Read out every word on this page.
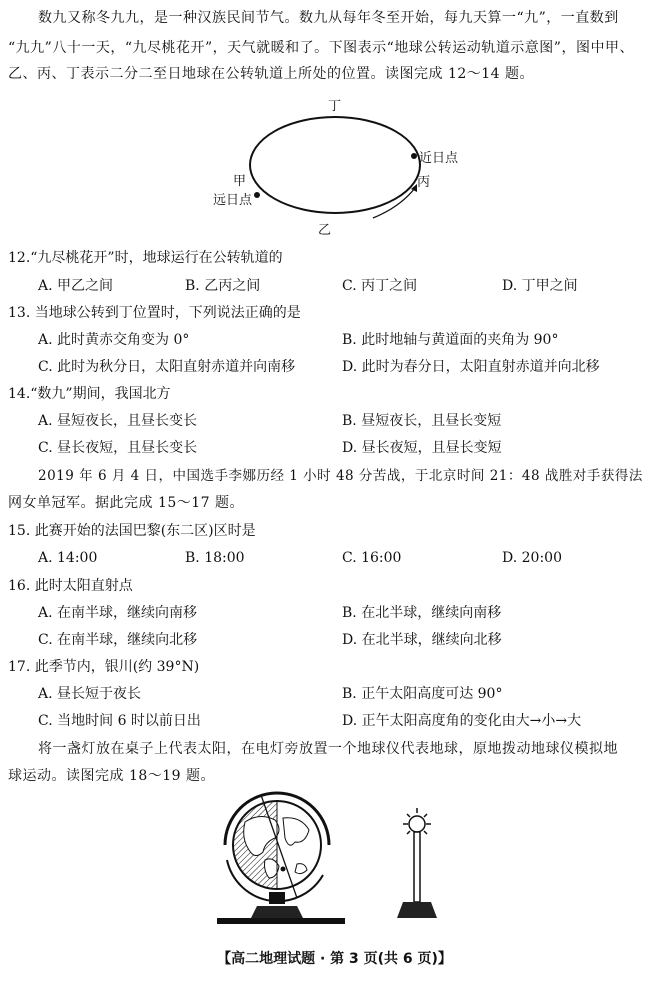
数九又称冬九九，是一种汉族民间节气。数九从每年冬至开始，每九天算一“九”，一直数到
“九九”八十一天，“九尽桃花开”，天气就暖和了。下图表示“地球公转运动轨道示意图”，图中甲、
乙、丙、丁表示二分二至日地球在公转轨道上所处的位置。读图完成 12～14 题。
丁
近日点
丙
甲
远日点
乙
12.“九尽桃花开”时，地球运行在公转轨道的
A. 甲乙之间	B. 乙丙之间	C. 丙丁之间	D. 丁甲之间
13. 当地球公转到丁位置时，下列说法正确的是
A. 此时黄赤交角变为 0°	B. 此时地轴与黄道面的夹角为 90°
C. 此时为秋分日，太阳直射赤道并向南移	D. 此时为春分日，太阳直射赤道并向北移
14.“数九”期间，我国北方
A. 昼短夜长，且昼长变长	B. 昼短夜长，且昼长变短
C. 昼长夜短，且昼长变长	D. 昼长夜短，且昼长变短
2019 年 6 月 4 日，中国选手李娜历经 1 小时 48 分苦战，于北京时间 21：48 战胜对手获得法
网女单冠军。据此完成 15～17 题。
15. 此赛开始的法国巴黎(东二区)区时是
A. 14:00	B. 18:00	C. 16:00	D. 20:00
16. 此时太阳直射点
A. 在南半球，继续向南移	B. 在北半球，继续向南移
C. 在南半球，继续向北移	D. 在北半球，继续向北移
17. 此季节内，银川(约 39°N)
A. 昼长短于夜长	B. 正午太阳高度可达 90°
C. 当地时间 6 时以前日出	D. 正午太阳高度角的变化由大→小→大
将一盏灯放在桌子上代表太阳，在电灯旁放置一个地球仪代表地球，原地拨动地球仪模拟地
球运动。读图完成 18～19 题。
【高二地理试题 · 第 3 页(共 6 页)】
